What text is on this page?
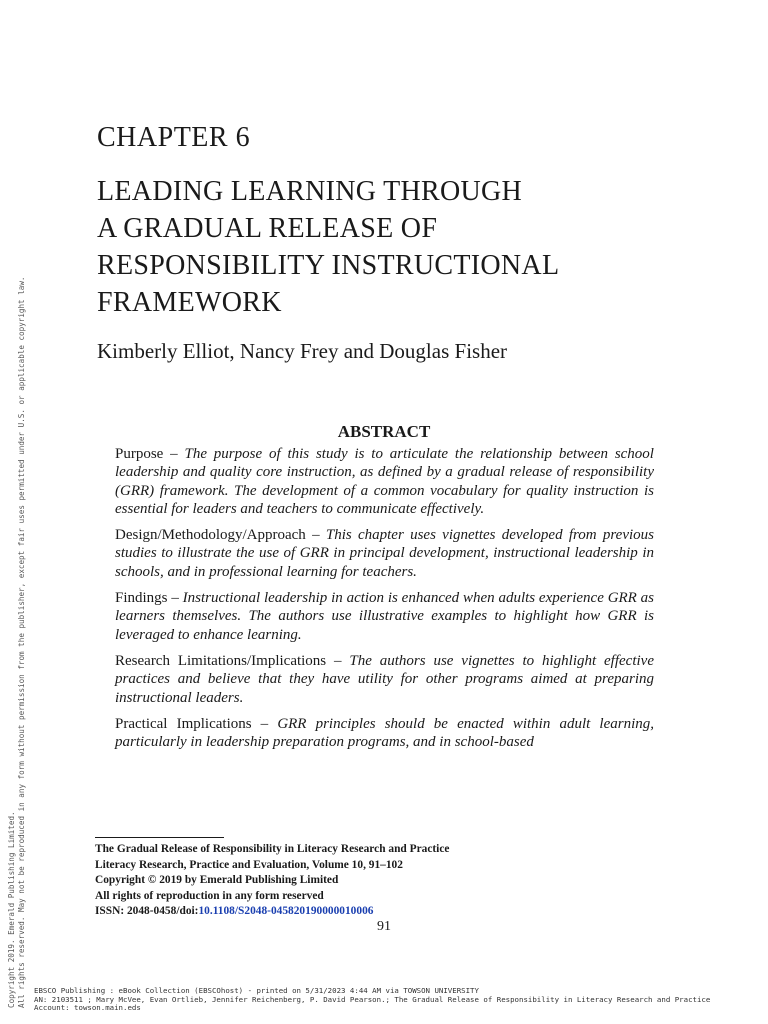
CHAPTER 6
LEADING LEARNING THROUGH
A GRADUAL RELEASE OF
RESPONSIBILITY INSTRUCTIONAL
FRAMEWORK

Kimberly Elliot, Nancy Frey and Douglas Fisher

ABSTRACT

Purpose – The purpose of this study is to articulate the relationship between school leadership and quality core instruction, as defined by a gradual release of responsibility (GRR) framework. The development of a common vocabulary for quality instruction is essential for leaders and teachers to communicate effectively.

Design/Methodology/Approach – This chapter uses vignettes developed from previous studies to illustrate the use of GRR in principal development, instructional leadership in schools, and in professional learning for teachers.

Findings – Instructional leadership in action is enhanced when adults experience GRR as learners themselves. The authors use illustrative examples to highlight how GRR is leveraged to enhance learning.

Research Limitations/Implications – The authors use vignettes to highlight effective practices and believe that they have utility for other programs aimed at preparing instructional leaders.

Practical Implications – GRR principles should be enacted within adult learning, particularly in leadership preparation programs, and in school-based

The Gradual Release of Responsibility in Literacy Research and Practice
Literacy Research, Practice and Evaluation, Volume 10, 91–102
Copyright © 2019 by Emerald Publishing Limited
All rights of reproduction in any form reserved
ISSN: 2048-0458/doi:10.1108/S2048-045820190000010006
91
Copyright 2019. Emerald Publishing Limited. All rights reserved. May not be reproduced in any form without permission from the publisher, except fair uses permitted under U.S. or applicable copyright law. EBSCO Publishing : eBook Collection (EBSCOhost) - printed on 5/31/2023 4:44 AM via TOWSON UNIVERSITY
AN: 2103511 ; Mary McVee, Evan Ortlieb, Jennifer Reichenberg, P. David Pearson.; The Gradual Release of Responsibility in Literacy Research and Practice
Account: towson.main.eds
